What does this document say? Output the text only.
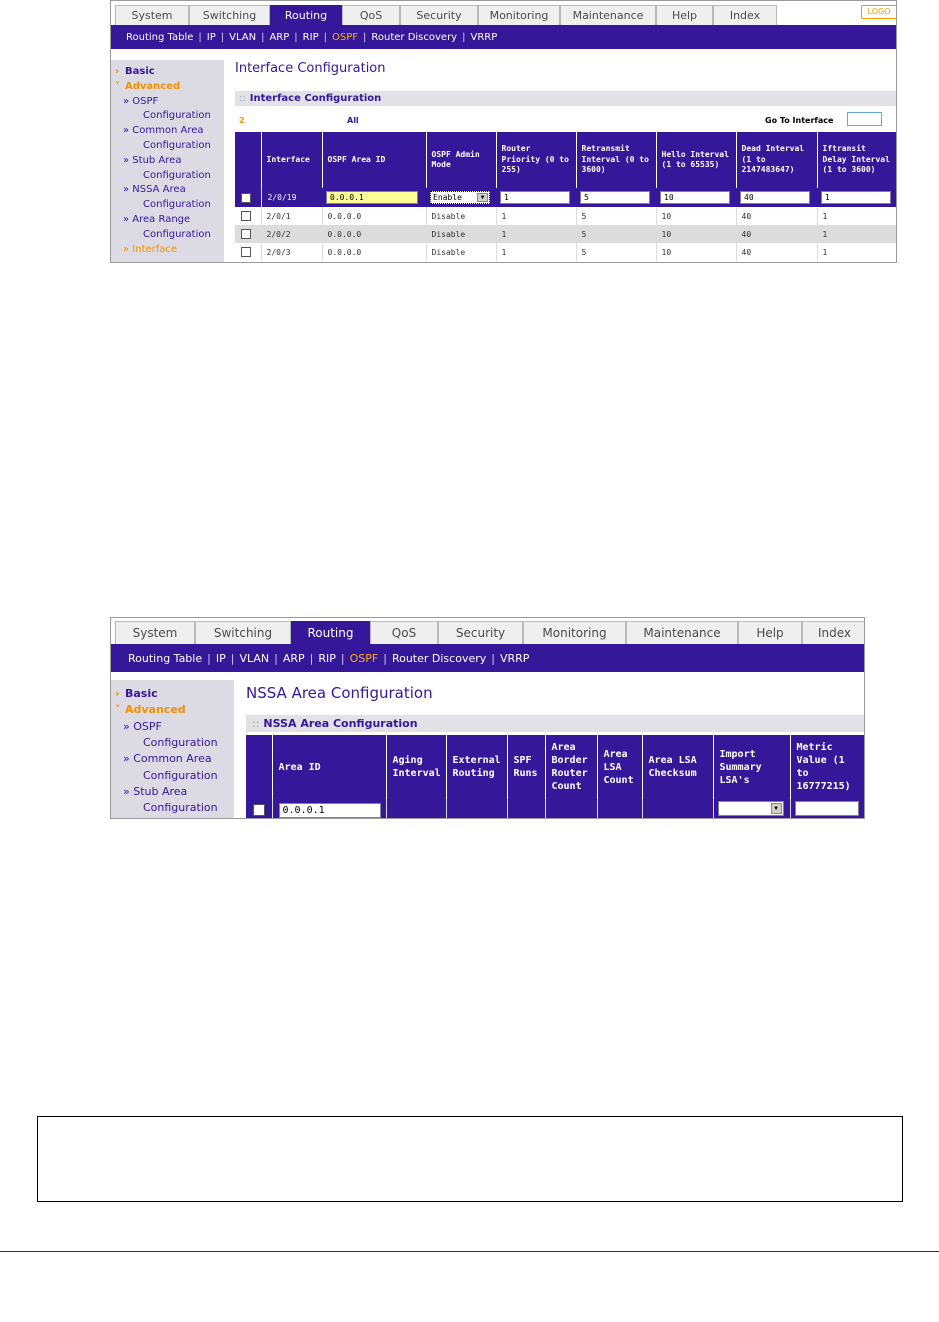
System	Switching	Routing	QoS	Security	Monitoring	Maintenance	Help	Index	LOGO
Routing Table | IP | VLAN | ARP | RIP | OSPF | Router Discovery | VRRP
› Basic
˅ Advanced
» OSPF
Configuration
» Common Area
Configuration
» Stub Area
Configuration
» NSSA Area
Configuration
» Area Range
Configuration
» Interface
Interface Configuration
:: Interface Configuration
2	All	Go To Interface
	Interface	OSPF Area ID	OSPF Admin Mode	Router Priority (0 to 255)	Retransmit Interval (0 to 3600)	Hello Interval (1 to 65535)	Dead Interval (1 to 2147483647)	Iftransit Delay Interval (1 to 3600)
	2/0/19	0.0.0.1	Enable ▼	1	5	10	40	1
	2/0/1	0.0.0.0	Disable	1	5	10	40	1
	2/0/2	0.0.0.0	Disable	1	5	10	40	1
	2/0/3	0.0.0.0	Disable	1	5	10	40	1
System	Switching	Routing	QoS	Security	Monitoring	Maintenance	Help	Index
Routing Table | IP | VLAN | ARP | RIP | OSPF | Router Discovery | VRRP
› Basic
˅ Advanced
» OSPF
Configuration
» Common Area
Configuration
» Stub Area
Configuration
NSSA Area Configuration
:: NSSA Area Configuration
	Area ID	Aging Interval	External Routing	SPF Runs	Area Border Router Count	Area LSA Count	Area LSA Checksum	Import Summary LSA's	Metric Value (1 to 16777215)
	0.0.0.1							▼	
